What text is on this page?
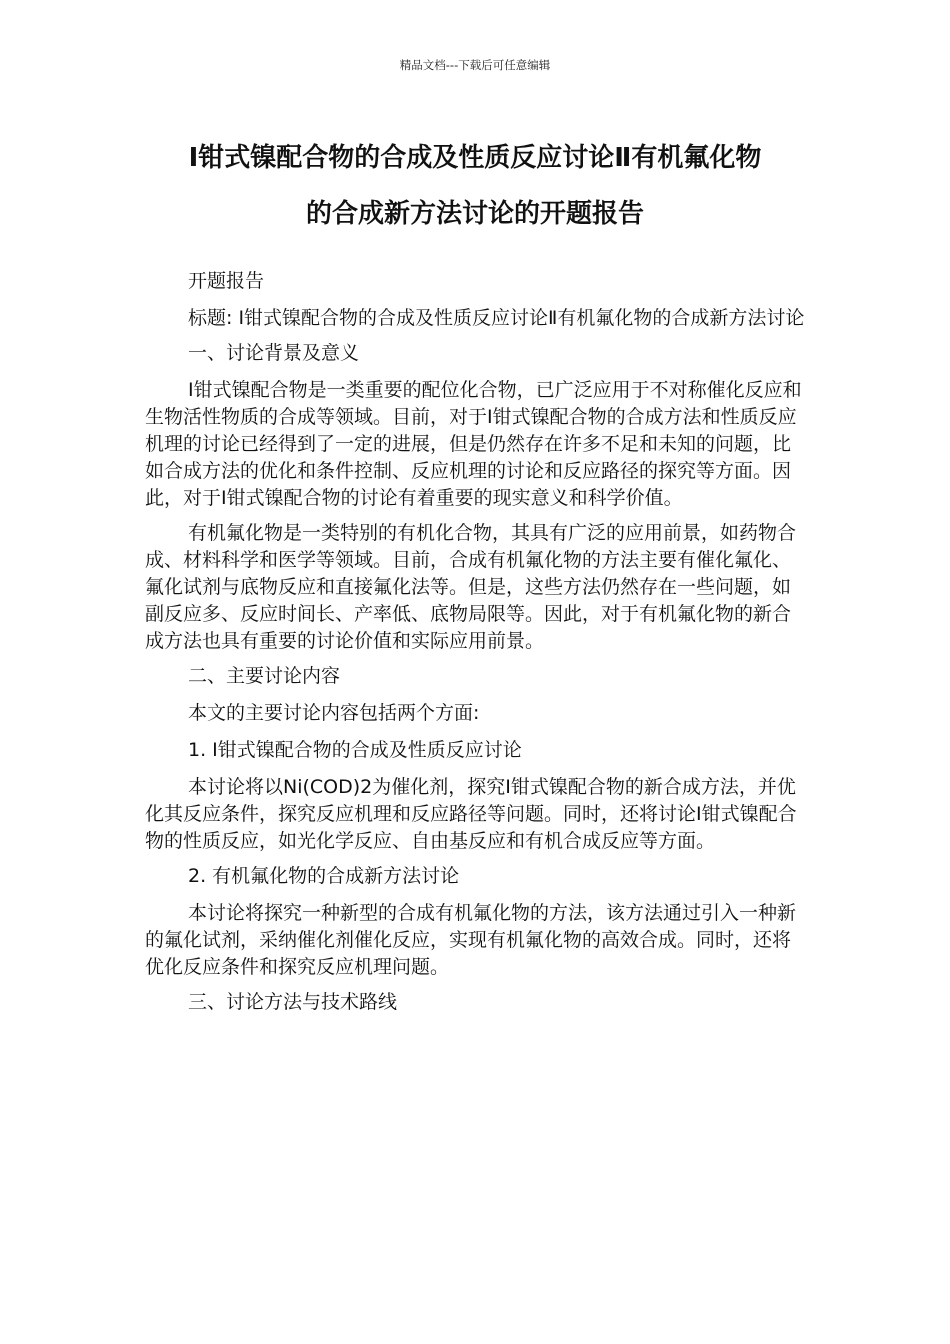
精品文档---下载后可任意编辑
Ⅰ钳式镍配合物的合成及性质反应讨论Ⅱ有机氟化物
的合成新方法讨论的开题报告

开题报告

标题: Ⅰ钳式镍配合物的合成及性质反应讨论Ⅱ有机氟化物的合成新方法讨论

一、讨论背景及意义

Ⅰ钳式镍配合物是一类重要的配位化合物，已广泛应用于不对称催化反应和生物活性物质的合成等领域。目前，对于Ⅰ钳式镍配合物的合成方法和性质反应机理的讨论已经得到了一定的进展，但是仍然存在许多不足和未知的问题，比如合成方法的优化和条件控制、反应机理的讨论和反应路径的探究等方面。因此，对于Ⅰ钳式镍配合物的讨论有着重要的现实意义和科学价值。

有机氟化物是一类特别的有机化合物，其具有广泛的应用前景，如药物合成、材料科学和医学等领域。目前，合成有机氟化物的方法主要有催化氟化、氟化试剂与底物反应和直接氟化法等。但是，这些方法仍然存在一些问题，如副反应多、反应时间长、产率低、底物局限等。因此，对于有机氟化物的新合成方法也具有重要的讨论价值和实际应用前景。

二、主要讨论内容

本文的主要讨论内容包括两个方面:

1. Ⅰ钳式镍配合物的合成及性质反应讨论

本讨论将以Ni(COD)2为催化剂，探究Ⅰ钳式镍配合物的新合成方法，并优化其反应条件，探究反应机理和反应路径等问题。同时，还将讨论Ⅰ钳式镍配合物的性质反应，如光化学反应、自由基反应和有机合成反应等方面。

2. 有机氟化物的合成新方法讨论

本讨论将探究一种新型的合成有机氟化物的方法，该方法通过引入一种新的氟化试剂，采纳催化剂催化反应，实现有机氟化物的高效合成。同时，还将优化反应条件和探究反应机理问题。

三、讨论方法与技术路线
